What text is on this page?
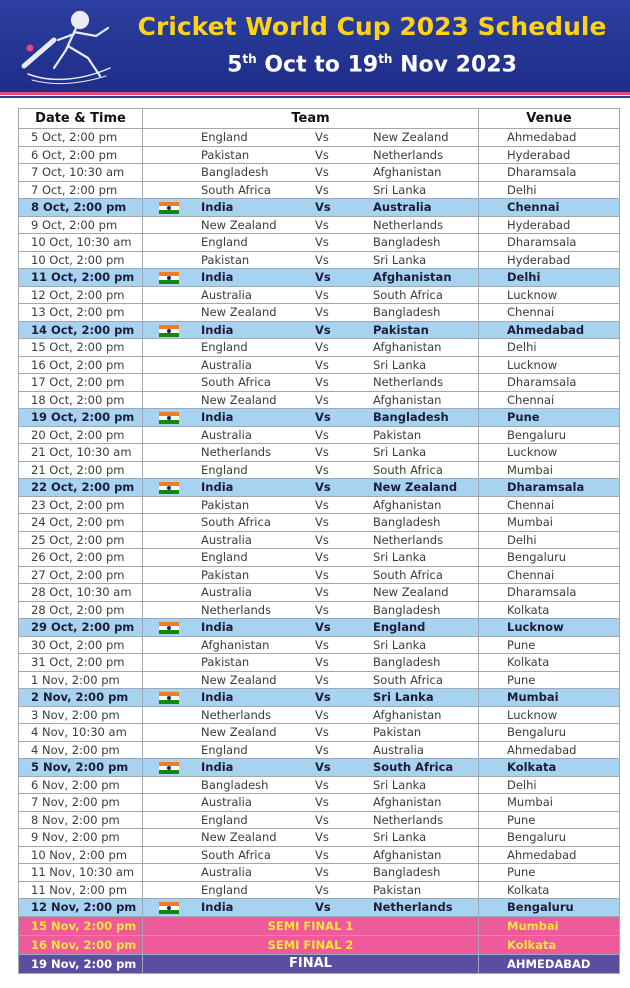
Cricket World Cup 2023 Schedule
5th Oct to 19th Nov 2023
Date & Time	Team	Venue
5 Oct, 2:00 pm	England Vs New Zealand	Ahmedabad
6 Oct, 2:00 pm	Pakistan Vs Netherlands	Hyderabad
7 Oct, 10:30 am	Bangladesh Vs Afghanistan	Dharamsala
7 Oct, 2:00 pm	South Africa Vs Sri Lanka	Delhi
8 Oct, 2:00 pm	India Vs Australia	Chennai
9 Oct, 2:00 pm	New Zealand Vs Netherlands	Hyderabad
10 Oct, 10:30 am	England Vs Bangladesh	Dharamsala
10 Oct, 2:00 pm	Pakistan Vs Sri Lanka	Hyderabad
11 Oct, 2:00 pm	India Vs Afghanistan	Delhi
12 Oct, 2:00 pm	Australia Vs South Africa	Lucknow
13 Oct, 2:00 pm	New Zealand Vs Bangladesh	Chennai
14 Oct, 2:00 pm	India Vs Pakistan	Ahmedabad
15 Oct, 2:00 pm	England Vs Afghanistan	Delhi
16 Oct, 2:00 pm	Australia Vs Sri Lanka	Lucknow
17 Oct, 2:00 pm	South Africa Vs Netherlands	Dharamsala
18 Oct, 2:00 pm	New Zealand Vs Afghanistan	Chennai
19 Oct, 2:00 pm	India Vs Bangladesh	Pune
20 Oct, 2:00 pm	Australia Vs Pakistan	Bengaluru
21 Oct, 10:30 am	Netherlands Vs Sri Lanka	Lucknow
21 Oct, 2:00 pm	England Vs South Africa	Mumbai
22 Oct, 2:00 pm	India Vs New Zealand	Dharamsala
23 Oct, 2:00 pm	Pakistan Vs Afghanistan	Chennai
24 Oct, 2:00 pm	South Africa Vs Bangladesh	Mumbai
25 Oct, 2:00 pm	Australia Vs Netherlands	Delhi
26 Oct, 2:00 pm	England Vs Sri Lanka	Bengaluru
27 Oct, 2:00 pm	Pakistan Vs South Africa	Chennai
28 Oct, 10:30 am	Australia Vs New Zealand	Dharamsala
28 Oct, 2:00 pm	Netherlands Vs Bangladesh	Kolkata
29 Oct, 2:00 pm	India Vs England	Lucknow
30 Oct, 2:00 pm	Afghanistan Vs Sri Lanka	Pune
31 Oct, 2:00 pm	Pakistan Vs Bangladesh	Kolkata
1 Nov, 2:00 pm	New Zealand Vs South Africa	Pune
2 Nov, 2:00 pm	India Vs Sri Lanka	Mumbai
3 Nov, 2:00 pm	Netherlands Vs Afghanistan	Lucknow
4 Nov, 10:30 am	New Zealand Vs Pakistan	Bengaluru
4 Nov, 2:00 pm	England Vs Australia	Ahmedabad
5 Nov, 2:00 pm	India Vs South Africa	Kolkata
6 Nov, 2:00 pm	Bangladesh Vs Sri Lanka	Delhi
7 Nov, 2:00 pm	Australia Vs Afghanistan	Mumbai
8 Nov, 2:00 pm	England Vs Netherlands	Pune
9 Nov, 2:00 pm	New Zealand Vs Sri Lanka	Bengaluru
10 Nov, 2:00 pm	South Africa Vs Afghanistan	Ahmedabad
11 Nov, 10:30 am	Australia Vs Bangladesh	Pune
11 Nov, 2:00 pm	England Vs Pakistan	Kolkata
12 Nov, 2:00 pm	India Vs Netherlands	Bengaluru
15 Nov, 2:00 pm	SEMI FINAL 1	Mumbai
16 Nov, 2:00 pm	SEMI FINAL 2	Kolkata
19 Nov, 2:00 pm	FINAL	AHMEDABAD
